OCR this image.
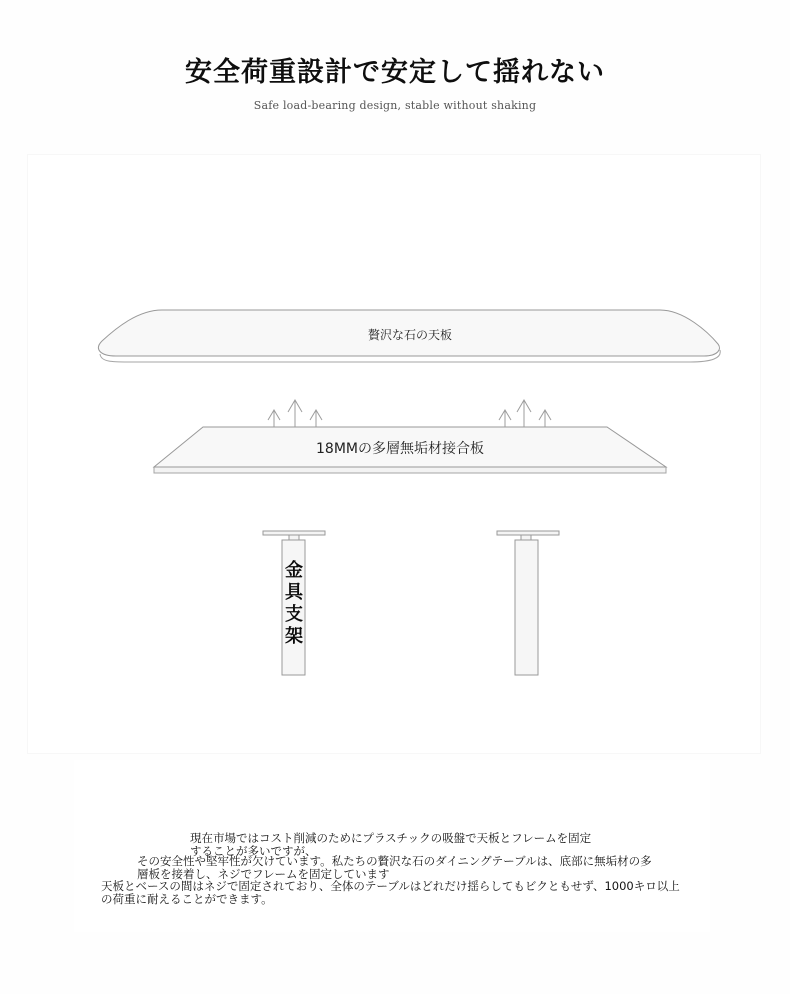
安全荷重設計で安定して揺れない
Safe load-bearing design, stable without shaking
贅沢な石の天板
18MMの多層無垢材接合板
金
具
支
架

現在市場ではコスト削減のためにプラスチックの吸盤で天板とフレームを固定することが多いですが、

その安全性や堅牢性が欠けています。私たちの贅沢な石のダイニングテーブルは、底部に無垢材の多層板を接着し、ネジでフレームを固定しています

天板とベースの間はネジで固定されており、全体のテーブルはどれだけ揺らしてもビクともせず、1000キロ以上の荷重に耐えることができます。
